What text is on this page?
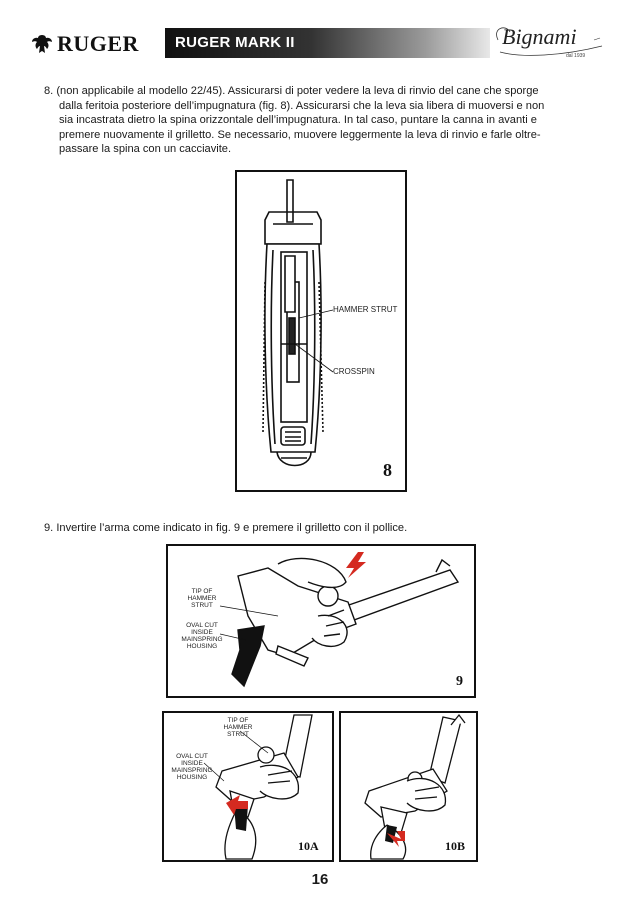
RUGER RUGER MARK II	Bignami
dal 1939
8. (non applicabile al modello 22/45). Assicurarsi di poter vedere la leva di rinvio del cane che sporge

dalla feritoia posteriore dell’impugnatura (fig. 8). Assicurarsi che la leva sia libera di muoversi e non
sia incastrata dietro la spina orizzontale dell’impugnatura. In tal caso, puntare la canna in avanti e
premere nuovamente il grilletto. Se necessario, muovere leggermente la leva di rinvio e farle oltre-
passare la spina con un cacciavite.
HAMMER STRUT
CROSSPIN
8
9. Invertire l’arma come indicato in fig. 9 e premere il grilletto con il pollice.
TIP OF
HAMMER
STRUT
OVAL CUT
INSIDE
MAINSPRING
HOUSING
9
TIP OF
HAMMER
STRUT
OVAL CUT
INSIDE
MAINSPRING
HOUSING
10A	10B
16
